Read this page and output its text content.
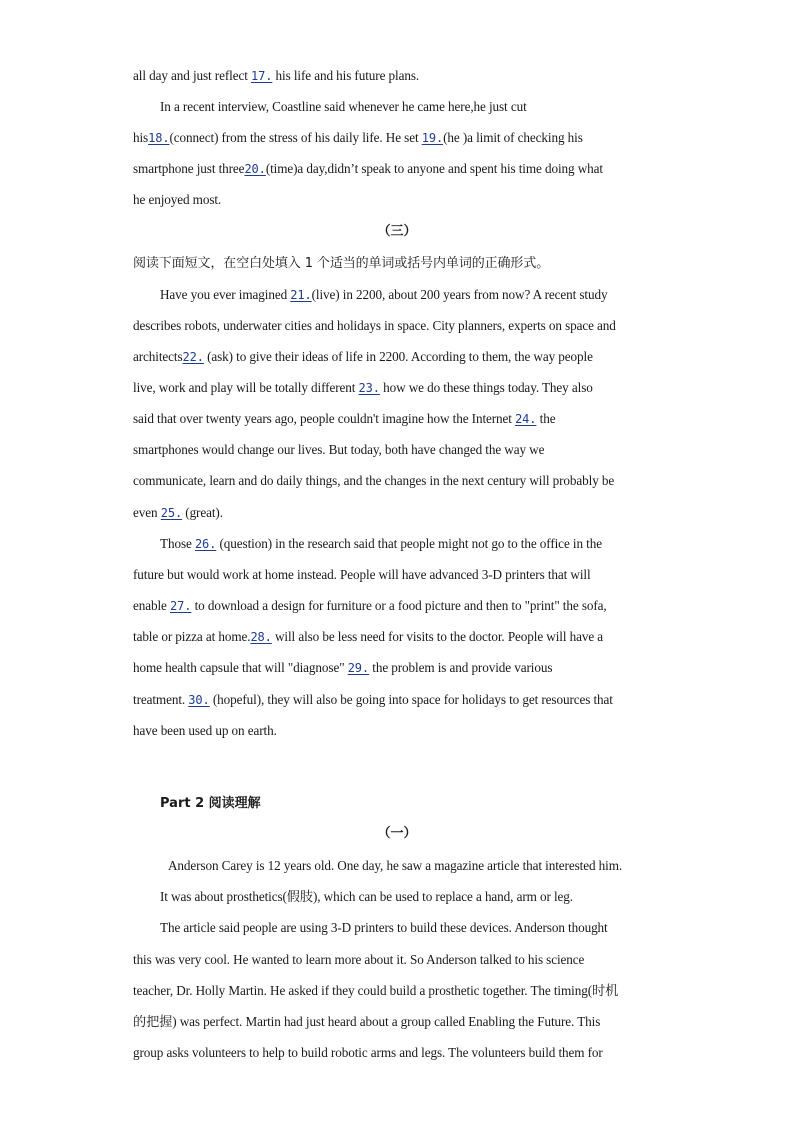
all day and just reflect 17. his life and his future plans.
In a recent interview, Coastline said whenever he came here,he just cut
his18.(connect) from the stress of his daily life. He set 19.(he )a limit of checking his
smartphone just three20.(time)a day,didn’t speak to anyone and spent his time doing what
he enjoyed most.
（三）
阅读下面短文，在空白处填入 1 个适当的单词或括号内单词的正确形式。
Have you ever imagined 21.(live) in 2200, about 200 years from now? A recent study
describes robots, underwater cities and holidays in space. City planners, experts on space and
architects22. (ask) to give their ideas of life in 2200. According to them, the way people
live, work and play will be totally different 23. how we do these things today. They also
said that over twenty years ago, people couldn't imagine how the Internet 24. the
smartphones would change our lives. But today, both have changed the way we
communicate, learn and do daily things, and the changes in the next century will probably be
even 25. (great).
Those 26. (question) in the research said that people might not go to the office in the
future but would work at home instead. People will have advanced 3-D printers that will
enable 27. to download a design for furniture or a food picture and then to "print" the sofa,
table or pizza at home.28. will also be less need for visits to the doctor. People will have a
home health capsule that will "diagnose" 29. the problem is and provide various
treatment. 30. (hopeful), they will also be going into space for holidays to get resources that
have been used up on earth.
Part 2 阅读理解
（一）
Anderson Carey is 12 years old. One day, he saw a magazine article that interested him.
It was about prosthetics(假肢), which can be used to replace a hand, arm or leg.
The article said people are using 3-D printers to build these devices. Anderson thought
this was very cool. He wanted to learn more about it. So Anderson talked to his science
teacher, Dr. Holly Martin. He asked if they could build a prosthetic together. The timing(时机
的把握) was perfect. Martin had just heard about a group called Enabling the Future. This
group asks volunteers to help to build robotic arms and legs. The volunteers build them for
